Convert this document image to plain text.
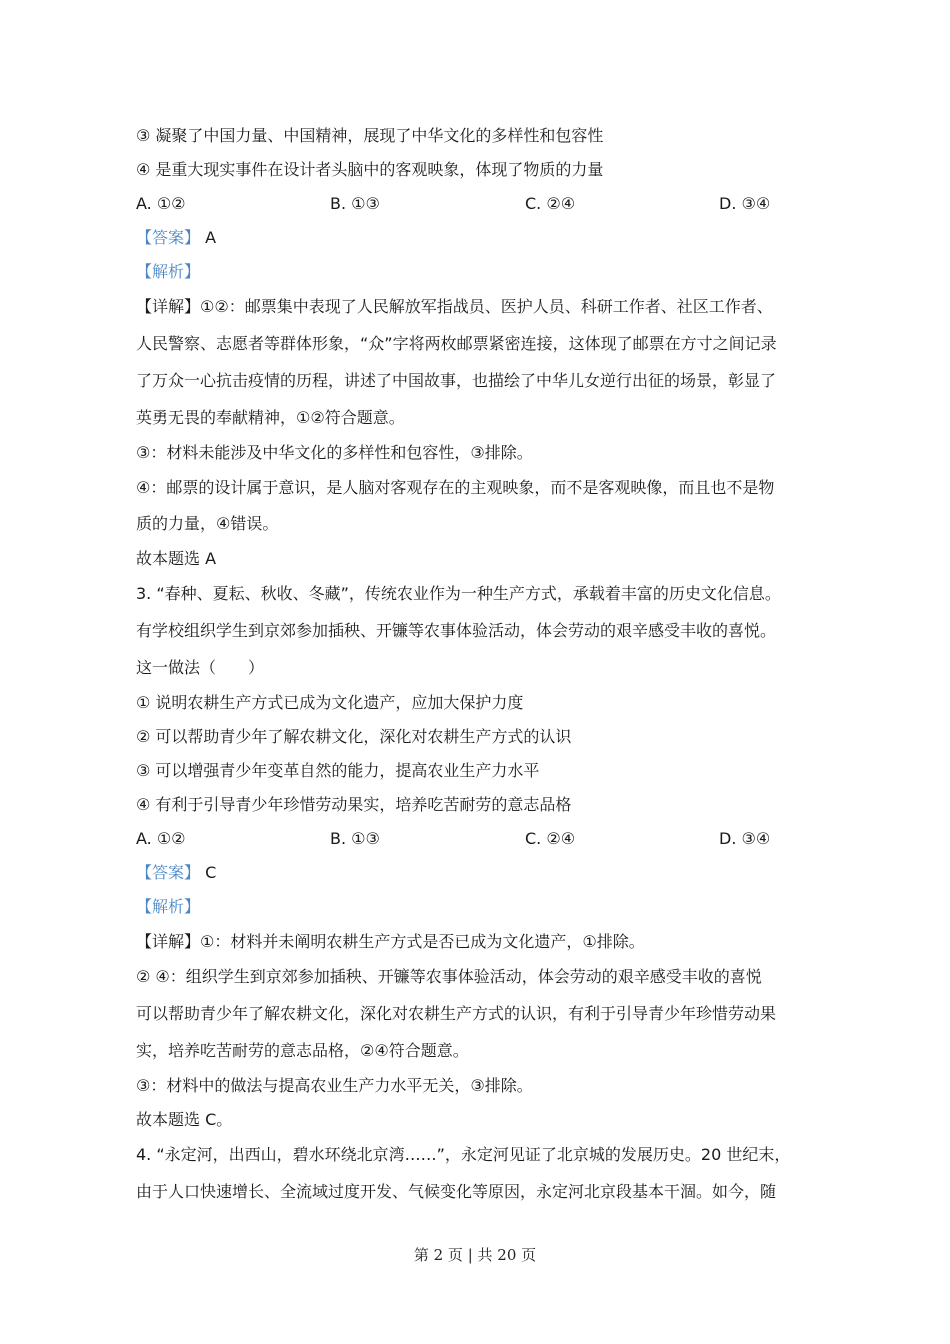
③ 凝聚了中国力量、中国精神，展现了中华文化的多样性和包容性
④ 是重大现实事件在设计者头脑中的客观映象，体现了物质的力量
A. ①②	B. ①③	C. ②④	D. ③④
【答案】 A
【解析】
【详解】①②：邮票集中表现了人民解放军指战员、医护人员、科研工作者、社区工作者、
人民警察、志愿者等群体形象，“众”字将两枚邮票紧密连接，这体现了邮票在方寸之间记录
了万众一心抗击疫情的历程，讲述了中国故事，也描绘了中华儿女逆行出征的场景，彰显了
英勇无畏的奉献精神，①②符合题意。
③：材料未能涉及中华文化的多样性和包容性，③排除。
④：邮票的设计属于意识，是人脑对客观存在的主观映象，而不是客观映像，而且也不是物
质的力量，④错误。
故本题选 A
3. “春种、夏耘、秋收、冬藏”，传统农业作为一种生产方式，承载着丰富的历史文化信息。
有学校组织学生到京郊参加插秧、开镰等农事体验活动，体会劳动的艰辛感受丰收的喜悦。
这一做法（　　）
① 说明农耕生产方式已成为文化遗产，应加大保护力度
② 可以帮助青少年了解农耕文化，深化对农耕生产方式的认识
③ 可以增强青少年变革自然的能力，提高农业生产力水平
④ 有利于引导青少年珍惜劳动果实，培养吃苦耐劳的意志品格
A. ①②	B. ①③	C. ②④	D. ③④
【答案】 C
【解析】
【详解】①：材料并未阐明农耕生产方式是否已成为文化遗产，①排除。
② ④：组织学生到京郊参加插秧、开镰等农事体验活动，体会劳动的艰辛感受丰收的喜悦
可以帮助青少年了解农耕文化，深化对农耕生产方式的认识，有利于引导青少年珍惜劳动果
实，培养吃苦耐劳的意志品格，②④符合题意。
③：材料中的做法与提高农业生产力水平无关，③排除。
故本题选 C。
4. “永定河，出西山，碧水环绕北京湾……”，永定河见证了北京城的发展历史。20 世纪末，
由于人口快速增长、全流域过度开发、气候变化等原因，永定河北京段基本干涸。如今，随
第 2 页 | 共 20 页
